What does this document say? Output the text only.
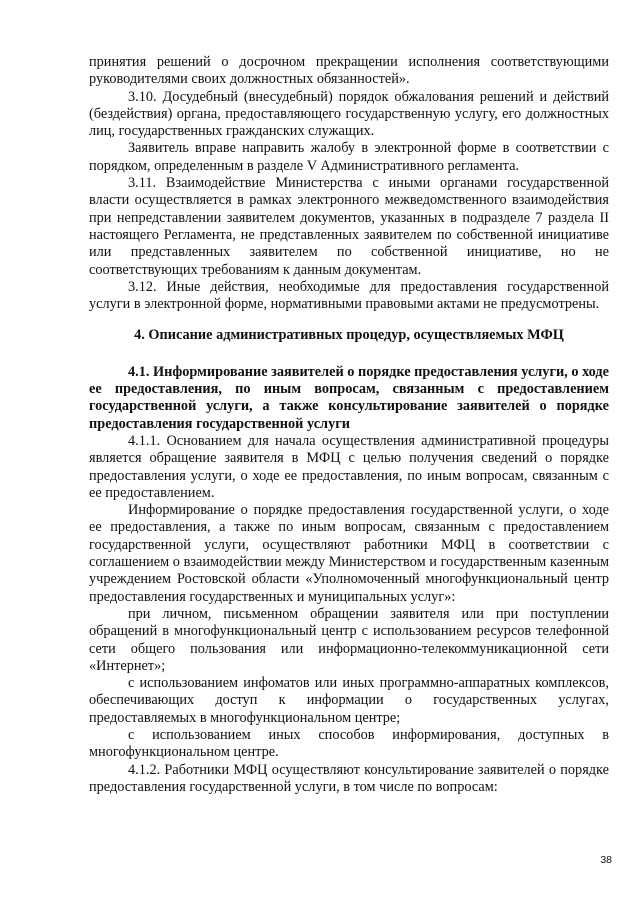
принятия решений о досрочном прекращении исполнения соответствующими руководителями своих должностных обязанностей».

3.10. Досудебный (внесудебный) порядок обжалования решений и действий (бездействия) органа, предоставляющего государственную услугу, его должностных лиц, государственных гражданских служащих.

Заявитель вправе направить жалобу в электронной форме в соответствии с порядком, определенным в разделе V Административного регламента.

3.11. Взаимодействие Министерства с иными органами государственной власти осуществляется в рамках электронного межведомственного взаимодействия при непредставлении заявителем документов, указанных в подразделе 7 раздела II настоящего Регламента, не представленных заявителем по собственной инициативе или представленных заявителем по собственной инициативе, но не соответствующих требованиям к данным документам.

3.12. Иные действия, необходимые для предоставления государственной услуги в электронной форме, нормативными правовыми актами не предусмотрены.

4. Описание административных процедур, осуществляемых МФЦ

4.1. Информирование заявителей о порядке предоставления услуги, о ходе ее предоставления, по иным вопросам, связанным с предоставлением государственной услуги, а также консультирование заявителей о порядке предоставления государственной услуги

4.1.1. Основанием для начала осуществления административной процедуры является обращение заявителя в МФЦ с целью получения сведений о порядке предоставления услуги, о ходе ее предоставления, по иным вопросам, связанным с ее предоставлением.

Информирование о порядке предоставления государственной услуги, о ходе ее предоставления, а также по иным вопросам, связанным с предоставлением государственной услуги, осуществляют работники МФЦ в соответствии с соглашением о взаимодействии между Министерством и государственным казенным учреждением Ростовской области «Уполномоченный многофункциональный центр предоставления государственных и муниципальных услуг»:

при личном, письменном обращении заявителя или при поступлении обращений в многофункциональный центр с использованием ресурсов телефонной сети общего пользования или информационно-телекоммуникационной сети «Интернет»;

с использованием инфоматов или иных программно-аппаратных комплексов, обеспечивающих доступ к информации о государственных услугах, предоставляемых в многофункциональном центре;

с использованием иных способов информирования, доступных в многофункциональном центре.

4.1.2. Работники МФЦ осуществляют консультирование заявителей о порядке предоставления государственной услуги, в том числе по вопросам:

38
